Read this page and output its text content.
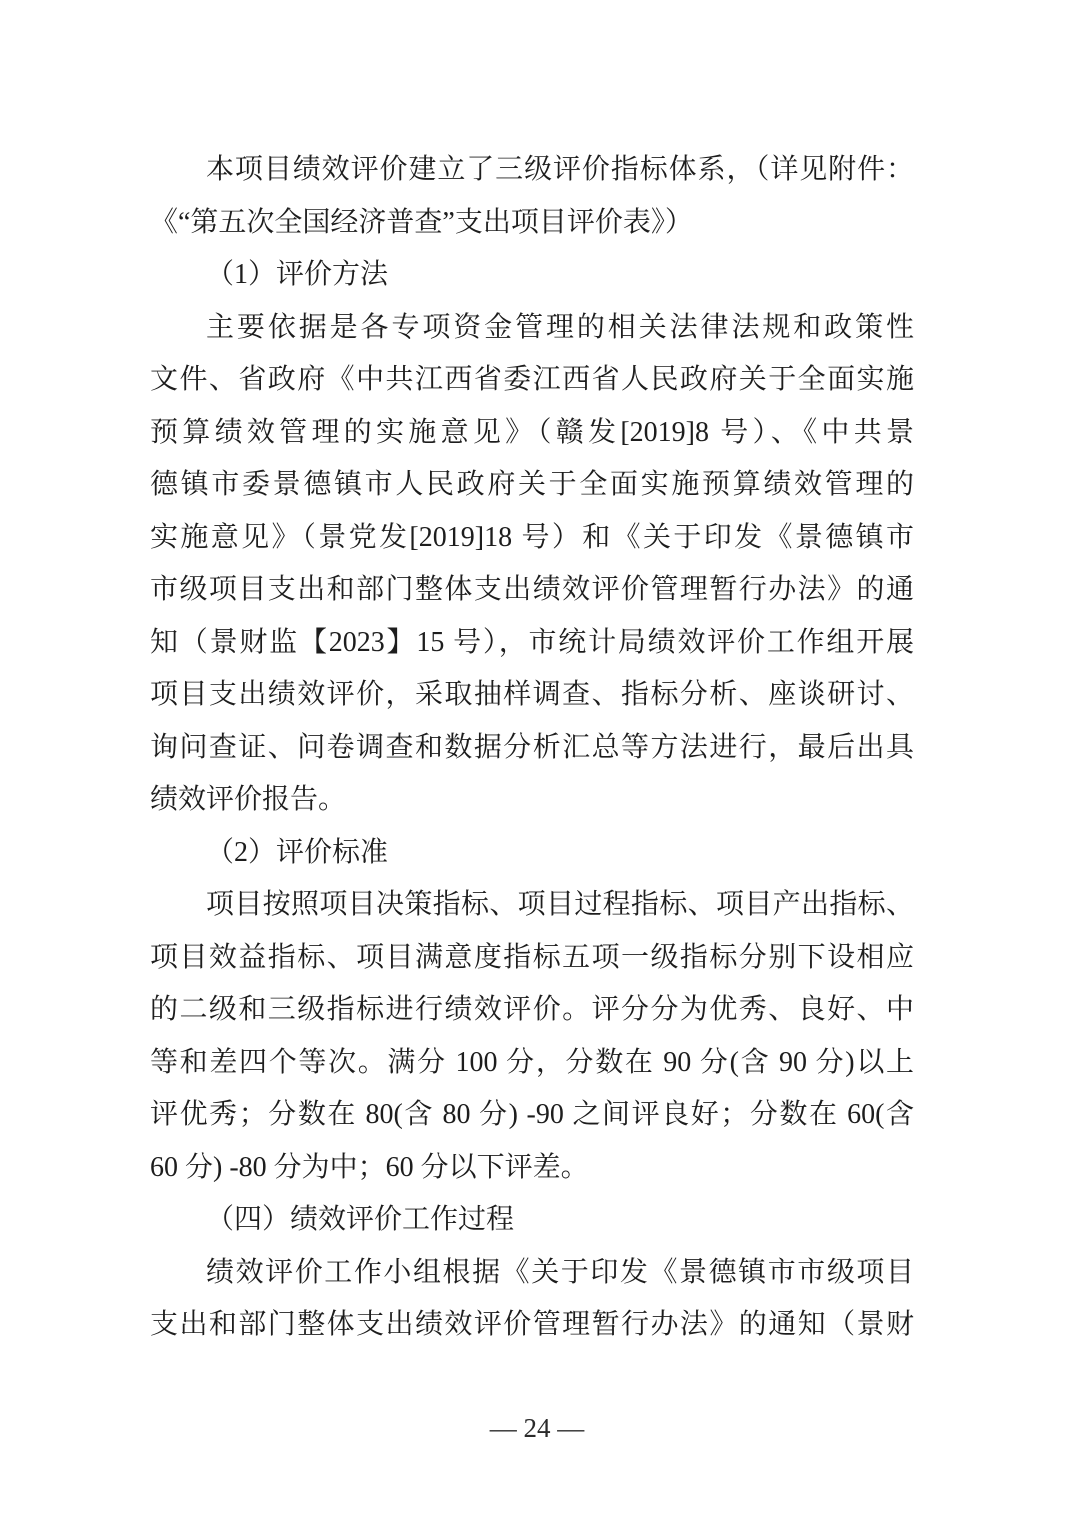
本项目绩效评价建立了三级评价指标体系，（详见附件：
《“第五次全国经济普查”支出项目评价表》）
（1）评价方法
主要依据是各专项资金管理的相关法律法规和政策性
文件、省政府《中共江西省委江西省人民政府关于全面实施
预算绩效管理的实施意见》（赣发[2019]8 号）、《中共景
德镇市委景德镇市人民政府关于全面实施预算绩效管理的
实施意见》（景党发[2019]18 号）和《关于印发《景德镇市
市级项目支出和部门整体支出绩效评价管理暂行办法》的通
知（景财监【2023】15 号），市统计局绩效评价工作组开展
项目支出绩效评价，采取抽样调查、指标分析、座谈研讨、
询问查证、问卷调查和数据分析汇总等方法进行，最后出具
绩效评价报告。
（2）评价标准
项目按照项目决策指标、项目过程指标、项目产出指标、
项目效益指标、项目满意度指标五项一级指标分别下设相应
的二级和三级指标进行绩效评价。评分分为优秀、良好、中
等和差四个等次。满分 100 分，分数在 90 分(含 90 分)以上
评优秀；分数在 80(含 80 分) -90 之间评良好；分数在 60(含
60 分) -80 分为中；60 分以下评差。
（四）绩效评价工作过程
绩效评价工作小组根据《关于印发《景德镇市市级项目
支出和部门整体支出绩效评价管理暂行办法》的通知（景财
— 24 —
